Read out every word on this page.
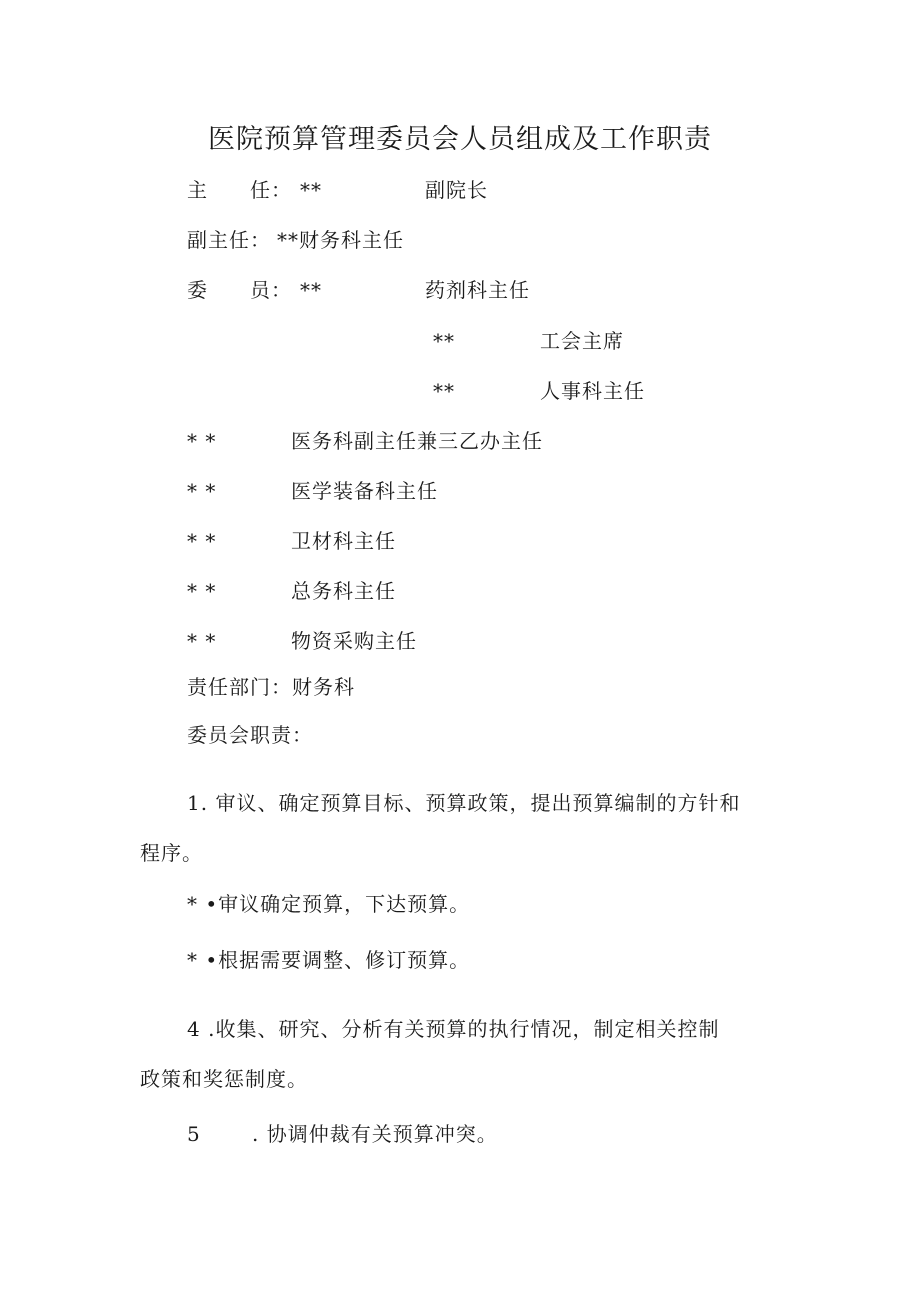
医院预算管理委员会人员组成及工作职责
主　　任： **	副院长
副主任： **财务科主任
委　　员： **	药剂科主任
**	工会主席
**	人事科主任
* *	医务科副主任兼三乙办主任
* *	医学装备科主任
* *	卫材科主任
* *	总务科主任
* *	物资采购主任
责任部门：财务科
委员会职责：
1. 审议、确定预算目标、预算政策，提出预算编制的方针和
程序。
* •审议确定预算，下达预算。
* •根据需要调整、修订预算。
4 .收集、研究、分析有关预算的执行情况，制定相关控制
政策和奖惩制度。
5	. 协调仲裁有关预算冲突。
